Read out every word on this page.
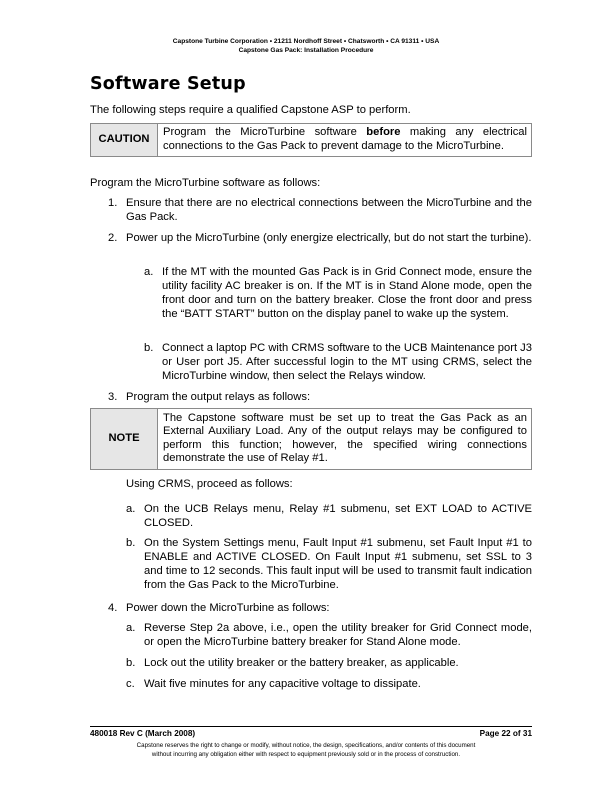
Capstone Turbine Corporation • 21211 Nordhoff Street • Chatsworth • CA 91311 • USA
Capstone Gas Pack: Installation Procedure
Software Setup
The following steps require a qualified Capstone ASP to perform.
CAUTION	Program the MicroTurbine software before making any electrical connections to the Gas Pack to prevent damage to the MicroTurbine.
Program the MicroTurbine software as follows:
1. Ensure that there are no electrical connections between the MicroTurbine and the Gas Pack.
2. Power up the MicroTurbine (only energize electrically, but do not start the turbine).
a. If the MT with the mounted Gas Pack is in Grid Connect mode, ensure the utility facility AC breaker is on. If the MT is in Stand Alone mode, open the front door and turn on the battery breaker. Close the front door and press the “BATT START” button on the display panel to wake up the system.
b. Connect a laptop PC with CRMS software to the UCB Maintenance port J3 or User port J5. After successful login to the MT using CRMS, select the MicroTurbine window, then select the Relays window.
3. Program the output relays as follows:
NOTE	The Capstone software must be set up to treat the Gas Pack as an External Auxiliary Load. Any of the output relays may be configured to perform this function; however, the specified wiring connections demonstrate the use of Relay #1.
Using CRMS, proceed as follows:
a. On the UCB Relays menu, Relay #1 submenu, set EXT LOAD to ACTIVE CLOSED.
b. On the System Settings menu, Fault Input #1 submenu, set Fault Input #1 to ENABLE and ACTIVE CLOSED. On Fault Input #1 submenu, set SSL to 3 and time to 12 seconds. This fault input will be used to transmit fault indication from the Gas Pack to the MicroTurbine.
4. Power down the MicroTurbine as follows:
a. Reverse Step 2a above, i.e., open the utility breaker for Grid Connect mode, or open the MicroTurbine battery breaker for Stand Alone mode.
b. Lock out the utility breaker or the battery breaker, as applicable.
c. Wait five minutes for any capacitive voltage to dissipate.
480018 Rev C (March 2008)	Page 22 of 31
Capstone reserves the right to change or modify, without notice, the design, specifications, and/or contents of this document
without incurring any obligation either with respect to equipment previously sold or in the process of construction.
